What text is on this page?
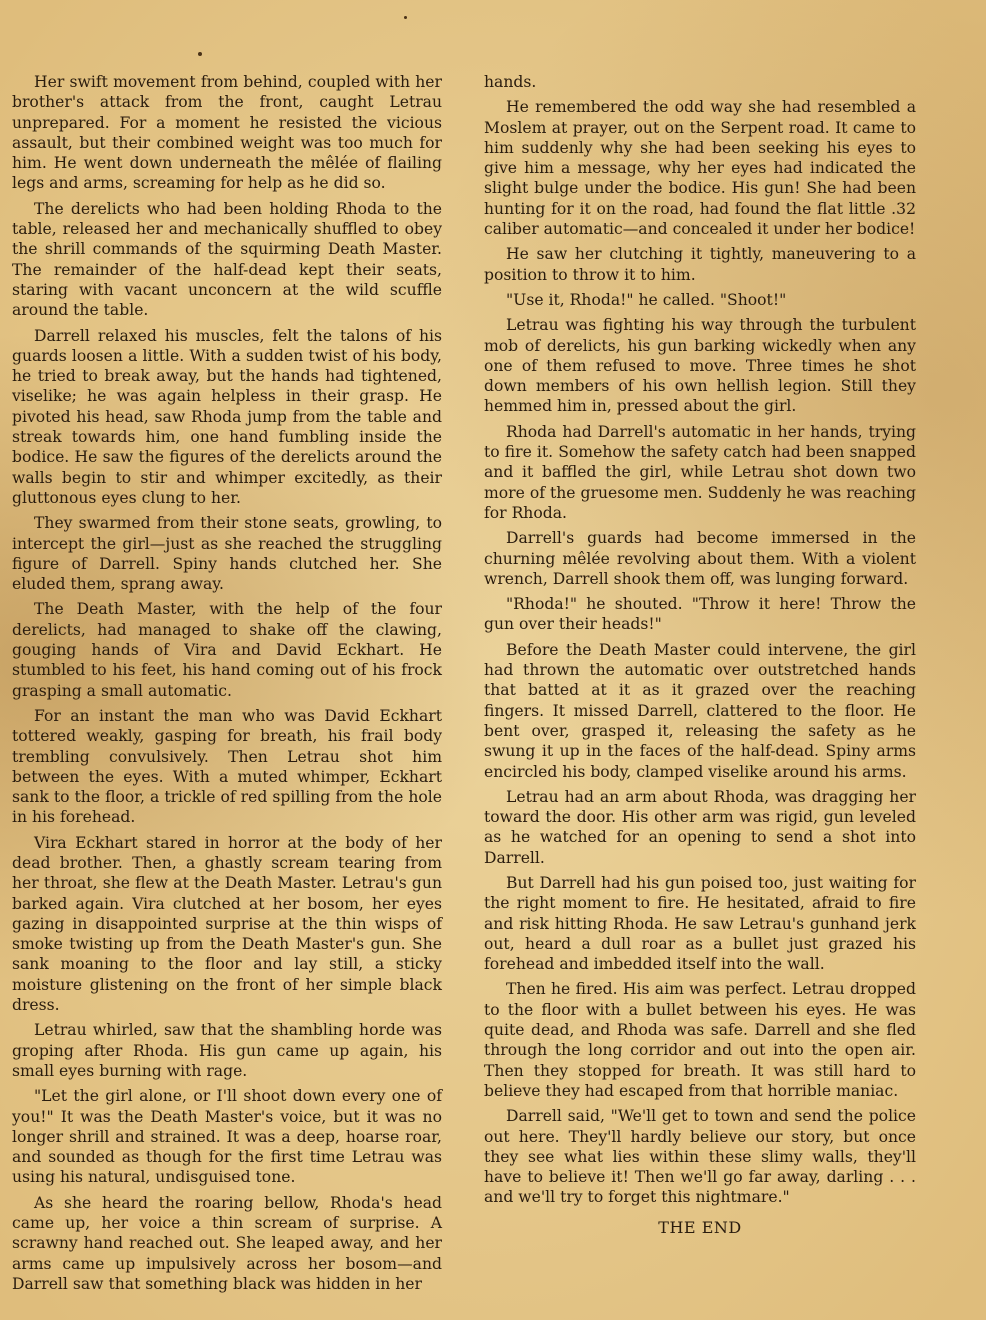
Her swift movement from behind, coupled with her brother's attack from the front, caught Letrau unprepared. For a moment he resisted the vicious assault, but their combined weight was too much for him. He went down underneath the mêlée of flailing legs and arms, screaming for help as he did so.

The derelicts who had been holding Rhoda to the table, released her and mechanically shuffled to obey the shrill commands of the squirming Death Master. The remainder of the half-dead kept their seats, staring with vacant unconcern at the wild scuffle around the table.

Darrell relaxed his muscles, felt the talons of his guards loosen a little. With a sudden twist of his body, he tried to break away, but the hands had tightened, viselike; he was again helpless in their grasp. He pivoted his head, saw Rhoda jump from the table and streak towards him, one hand fumbling inside the bodice. He saw the figures of the derelicts around the walls begin to stir and whimper excitedly, as their gluttonous eyes clung to her.

They swarmed from their stone seats, growling, to intercept the girl—just as she reached the struggling figure of Darrell. Spiny hands clutched her. She eluded them, sprang away.

The Death Master, with the help of the four derelicts, had managed to shake off the clawing, gouging hands of Vira and David Eckhart. He stumbled to his feet, his hand coming out of his frock grasping a small automatic.

For an instant the man who was David Eckhart tottered weakly, gasping for breath, his frail body trembling convulsively. Then Letrau shot him between the eyes. With a muted whimper, Eckhart sank to the floor, a trickle of red spilling from the hole in his forehead.

Vira Eckhart stared in horror at the body of her dead brother. Then, a ghastly scream tearing from her throat, she flew at the Death Master. Letrau's gun barked again. Vira clutched at her bosom, her eyes gazing in disappointed surprise at the thin wisps of smoke twisting up from the Death Master's gun. She sank moaning to the floor and lay still, a sticky moisture glistening on the front of her simple black dress.

Letrau whirled, saw that the shambling horde was groping after Rhoda. His gun came up again, his small eyes burning with rage.

"Let the girl alone, or I'll shoot down every one of you!" It was the Death Master's voice, but it was no longer shrill and strained. It was a deep, hoarse roar, and sounded as though for the first time Letrau was using his natural, undisguised tone.

As she heard the roaring bellow, Rhoda's head came up, her voice a thin scream of surprise. A scrawny hand reached out. She leaped away, and her arms came up impulsively across her bosom—and Darrell saw that something black was hidden in her

hands.

He remembered the odd way she had resembled a Moslem at prayer, out on the Serpent road. It came to him suddenly why she had been seeking his eyes to give him a message, why her eyes had indicated the slight bulge under the bodice. His gun! She had been hunting for it on the road, had found the flat little .32 caliber automatic—and concealed it under her bodice!

He saw her clutching it tightly, maneuvering to a position to throw it to him.

"Use it, Rhoda!" he called. "Shoot!"

Letrau was fighting his way through the turbulent mob of derelicts, his gun barking wickedly when any one of them refused to move. Three times he shot down members of his own hellish legion. Still they hemmed him in, pressed about the girl.

Rhoda had Darrell's automatic in her hands, trying to fire it. Somehow the safety catch had been snapped and it baffled the girl, while Letrau shot down two more of the gruesome men. Suddenly he was reaching for Rhoda.

Darrell's guards had become immersed in the churning mêlée revolving about them. With a violent wrench, Darrell shook them off, was lunging forward.

"Rhoda!" he shouted. "Throw it here! Throw the gun over their heads!"

Before the Death Master could intervene, the girl had thrown the automatic over outstretched hands that batted at it as it grazed over the reaching fingers. It missed Darrell, clattered to the floor. He bent over, grasped it, releasing the safety as he swung it up in the faces of the half-dead. Spiny arms encircled his body, clamped viselike around his arms.

Letrau had an arm about Rhoda, was dragging her toward the door. His other arm was rigid, gun leveled as he watched for an opening to send a shot into Darrell.

But Darrell had his gun poised too, just waiting for the right moment to fire. He hesitated, afraid to fire and risk hitting Rhoda. He saw Letrau's gunhand jerk out, heard a dull roar as a bullet just grazed his forehead and imbedded itself into the wall.

Then he fired. His aim was perfect. Letrau dropped to the floor with a bullet between his eyes. He was quite dead, and Rhoda was safe. Darrell and she fled through the long corridor and out into the open air. Then they stopped for breath. It was still hard to believe they had escaped from that horrible maniac.

Darrell said, "We'll get to town and send the police out here. They'll hardly believe our story, but once they see what lies within these slimy walls, they'll have to believe it! Then we'll go far away, darling . . . and we'll try to forget this nightmare."

THE END
